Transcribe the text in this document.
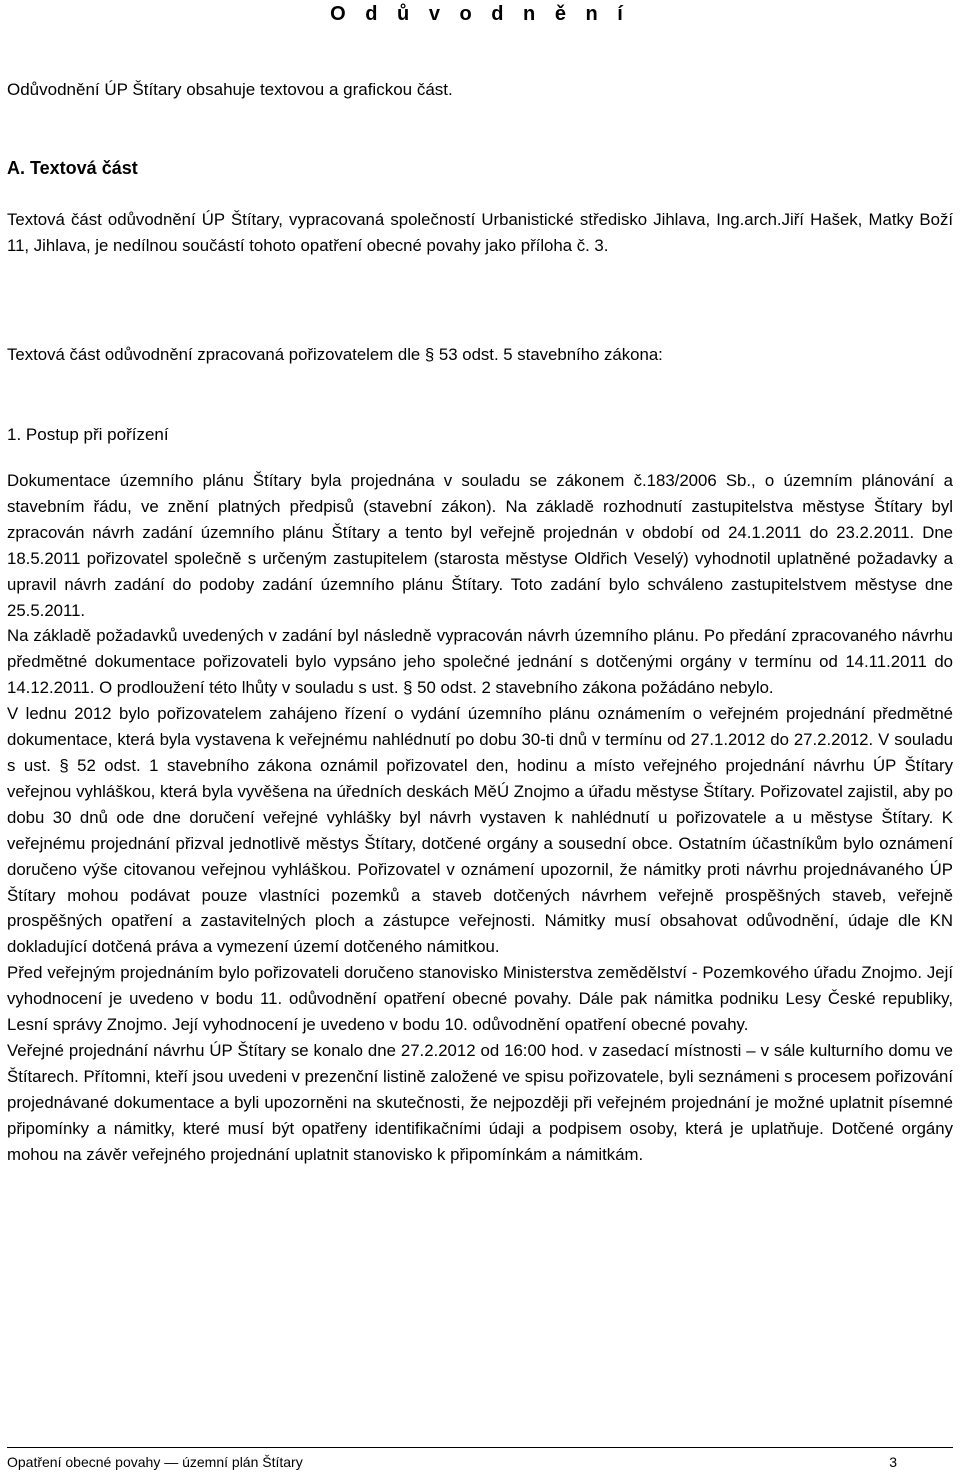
O d ů v o d n ě n í

Odůvodnění ÚP Štítary obsahuje textovou a grafickou část.

A. Textová část

Textová část odůvodnění ÚP Štítary, vypracovaná společností Urbanistické středisko Jihlava, Ing.arch.Jiří Hašek, Matky Boží 11, Jihlava, je nedílnou součástí tohoto opatření obecné povahy jako příloha č. 3.

Textová část odůvodnění zpracovaná pořizovatelem dle § 53 odst. 5 stavebního zákona:

1. Postup při pořízení

Dokumentace územního plánu Štítary byla projednána v souladu se zákonem č.183/2006 Sb., o územním plánování a stavebním řádu, ve znění platných předpisů (stavební zákon). Na základě rozhodnutí zastupitelstva městyse Štítary byl zpracován návrh zadání územního plánu Štítary a tento byl veřejně projednán v období od 24.1.2011 do 23.2.2011. Dne 18.5.2011 pořizovatel společně s určeným zastupitelem (starosta městyse Oldřich Veselý) vyhodnotil uplatněné požadavky a upravil návrh zadání do podoby zadání územního plánu Štítary. Toto zadání bylo schváleno zastupitelstvem městyse dne 25.5.2011.

Na základě požadavků uvedených v zadání byl následně vypracován návrh územního plánu. Po předání zpracovaného návrhu předmětné dokumentace pořizovateli bylo vypsáno jeho společné jednání s dotčenými orgány v termínu od 14.11.2011 do 14.12.2011. O prodloužení této lhůty v souladu s ust. § 50 odst. 2 stavebního zákona požádáno nebylo.

V lednu 2012 bylo pořizovatelem zahájeno řízení o vydání územního plánu oznámením o veřejném projednání předmětné dokumentace, která byla vystavena k veřejnému nahlédnutí po dobu 30-ti dnů v termínu od 27.1.2012 do 27.2.2012. V souladu s ust. § 52 odst. 1 stavebního zákona oznámil pořizovatel den, hodinu a místo veřejného projednání návrhu ÚP Štítary veřejnou vyhláškou, která byla vyvěšena na úředních deskách MěÚ Znojmo a úřadu městyse Štítary. Pořizovatel zajistil, aby po dobu 30 dnů ode dne doručení veřejné vyhlášky byl návrh vystaven k nahlédnutí u pořizovatele a u městyse Štítary. K veřejnému projednání přizval jednotlivě městys Štítary, dotčené orgány a sousední obce. Ostatním účastníkům bylo oznámení doručeno výše citovanou veřejnou vyhláškou. Pořizovatel v oznámení upozornil, že námitky proti návrhu projednávaného ÚP Štítary mohou podávat pouze vlastníci pozemků a staveb dotčených návrhem veřejně prospěšných staveb, veřejně prospěšných opatření a zastavitelných ploch a zástupce veřejnosti. Námitky musí obsahovat odůvodnění, údaje dle KN dokladující dotčená práva a vymezení území dotčeného námitkou.

Před veřejným projednáním bylo pořizovateli doručeno stanovisko Ministerstva zemědělství - Pozemkového úřadu Znojmo. Její vyhodnocení je uvedeno v bodu 11. odůvodnění opatření obecné povahy. Dále pak námitka podniku Lesy České republiky, Lesní správy Znojmo. Její vyhodnocení je uvedeno v bodu 10. odůvodnění opatření obecné povahy.

Veřejné projednání návrhu ÚP Štítary se konalo dne 27.2.2012 od 16:00 hod. v zasedací místnosti – v sále kulturního domu ve Štítarech. Přítomni, kteří jsou uvedeni v prezenční listině založené ve spisu pořizovatele, byli seznámeni s procesem pořizování projednávané dokumentace a byli upozorněni na skutečnosti, že nejpozději při veřejném projednání je možné uplatnit písemné připomínky a námitky, které musí být opatřeny identifikačními údaji a podpisem osoby, která je uplatňuje. Dotčené orgány mohou na závěr veřejného projednání uplatnit stanovisko k připomínkám a námitkám.

Opatření obecné povahy — územní plán Štítary	3
